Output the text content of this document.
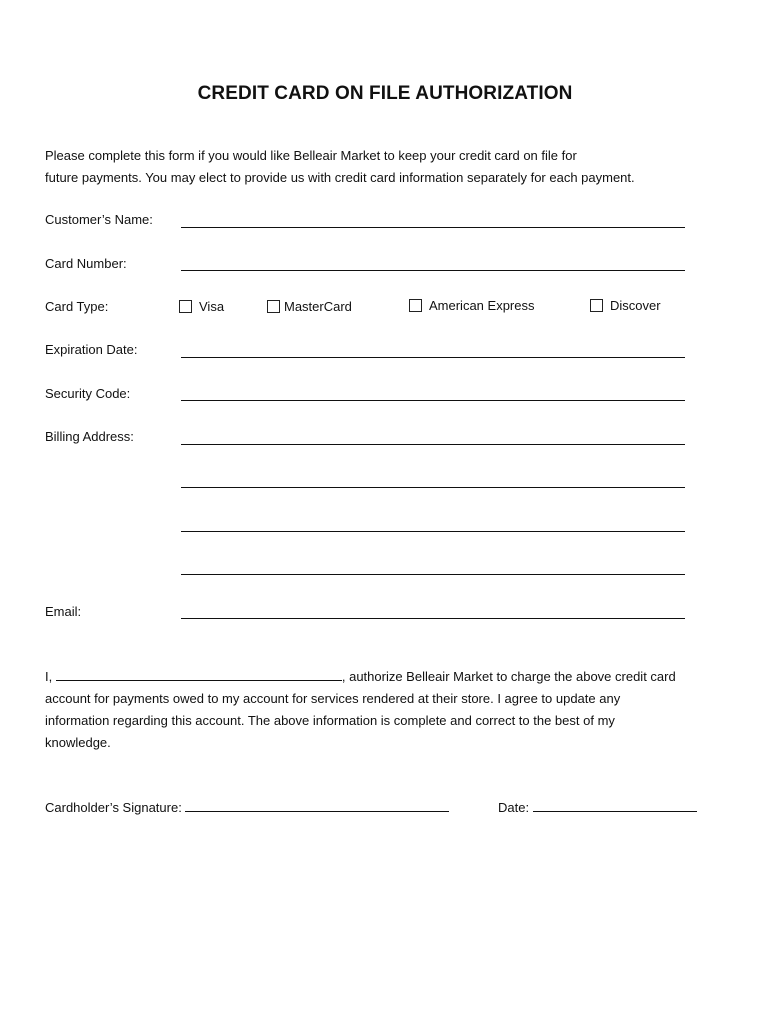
CREDIT CARD ON FILE AUTHORIZATION
Please complete this form if you would like Belleair Market to keep your credit card on file for
future payments. You may elect to provide us with credit card information separately for each payment.
Customer’s Name:
Card Number:
Card Type:	Visa	MasterCard	American Express	Discover
Expiration Date:
Security Code:
Billing Address:
Email:
I,	, authorize Belleair Market to charge the above credit card
account for payments owed to my account for services rendered at their store. I agree to update any
information regarding this account. The above information is complete and correct to the best of my
knowledge.
Cardholder’s Signature:	Date:
